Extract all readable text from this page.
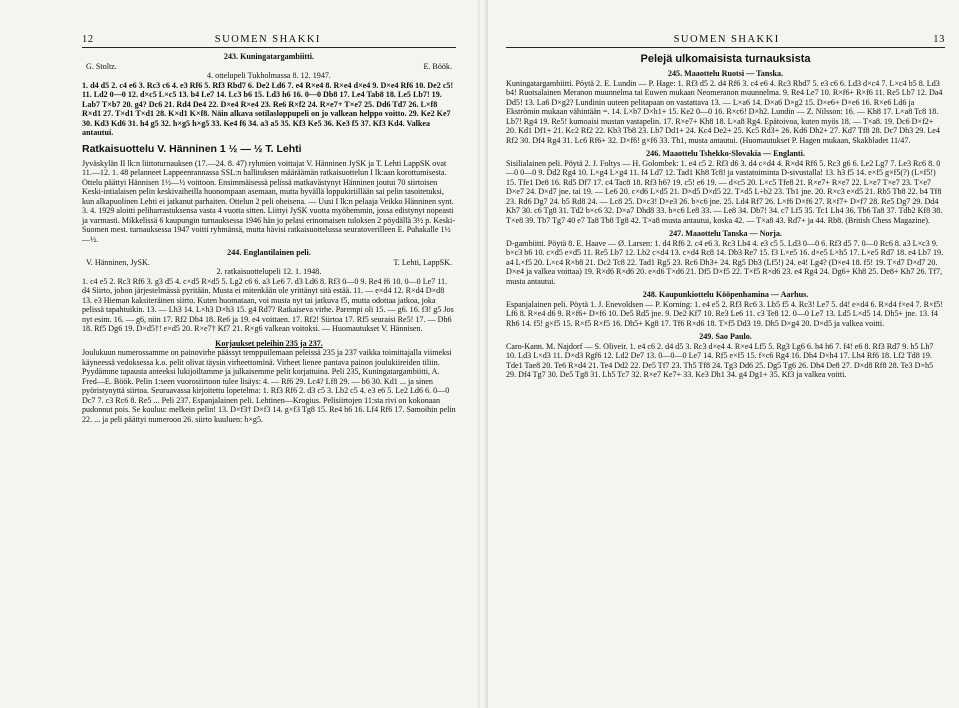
12	SUOMEN SHAKKI
243. Kuningatargambiitti.
G. Stoltz.	E. Böök.
4. ottelupeli Tukholmassa 8. 12. 1947.

1. d4 d5 2. c4 e6 3. Rc3 c6 4. e3 Rf6 5. Rf3 Rbd7 6. De2 Ld6 7. e4 R×e4 8. R×e4 d×e4 9. D×e4 Rf6 10. De2 c5! 11. Ld2 0—0 12. d×c5 L×c5 13. b4 Le7 14. Lc3 b6 15. Ld3 h6 16. 0—0 Db8 17. Le4 Tab8 18. Le5 Lb7! 19. Lab7 T×b7 20. g4? Dc6 21. Rd4 De4 22. D×e4 R×e4 23. Re6 R×f2 24. R×e7+ T×e7 25. Dd6 Td7 26. L×f8 R×d1 27. T×d1 T×d1 28. K×d1 K×f8. Näin alkava sotilasloppupeli on jo valkean helppo voitto. 29. Ke2 Ke7 30. Kd3 Kd6 31. h4 g5 32. h×g5 h×g5 33. Ke4 f6 34. a3 a5 35. Kf3 Ke5 36. Ke3 f5 37. Kf3 Kd4. Valkea antautui.

Ratkaisuottelu V. Hänninen 1 ½ — ½ T. Lehti

Jyväskylän II lk:n liittoturnauksen (17.—24. 8. 47) ryhmien voittajat V. Hänninen JySK ja T. Lehti LappSK ovat 11.—12. 1. 48 pelanneet Lappeenrannassa SSL:n hallituksen määräämän ratkaisuottelun I lk:aan korottumisesta. Ottelu päättyi Hännisen 1½—½ voittoon. Ensimmäisessä pelissä matkavästynyt Hänninen joutui 70 siirtoisen Keski-intialaisen pelin keskivaiheilla huonompaan asemaan, mutta hyvällä loppukiriillään sai pelin tasoitetuksi, kun alkapuolinen Lehti ei jatkanut parhaiten. Ottelun 2 peli oheisena. — Uusi I lk:n pelaaja Veikko Hänninen synt. 3. 4. 1929 aloitti peliharrastuksensa vasta 4 vuotta sitten. Liittyi JySK vuotta myöhemmin, jossa edistynyt nopeasti ja varmasti. Mikkelissä 6 kaupungin turnauksessa 1946 hän jo pelasi erinomaisen tuloksen 2 pöydällä 3½ p. Keski-Suomen mest. turnauksessa 1947 voitti ryhmänsä, mutta hävisi ratkaisuottelussa seuratoverilleen E. Puhakalle 1½—½.

244. Englantilainen peli.
V. Hänninen, JySK.	T. Lehti, LappSK.
2. ratkaisuottelupeli 12. 1. 1948.

1. c4 e5 2. Rc3 Rf6 3. g3 d5 4. c×d5 R×d5 5. Lg2 c6 6. a3 Le6 7. d3 Ld6 8. Rf3 0—0 9. Re4 f6 10. 0—0 Le7 11. d4 Siirto, johon järjestelmässä pyritään. Musta ei mitenkään ole yrittänyt sitä estää. 11. — e×d4 12. R×d4 D×d8 13. e3 Hieman kaksiteräinen siirto. Kuten huomataan, voi musta nyt tai jatkuva f5, mutta odottaa jatkoa, joka pelissä tapahtuikin. 13. — Lh3 14. L×h3 D×h3 15. g4 Rd7? Ratkaiseva virhe. Parempi oli 15. — g6. 16. f3! g5 Jos nyt esim. 16. — g6, niin 17. Rf2 Dh4 18. Re6 ja 19. e4 voittaen. 17. Rf2! Siirtoa 17. Rf5 seuraisi Re5! 17. — Dh6 18. Rf5 Dg6 19. D×d5†! e×d5 20. R×e7† Kf7 21. R×g6 valkean voitoksi. — Huomautukset V. Hännisen.

Korjaukset peleihin 235 ja 237.

Joulukuun numerossamme on painovirhe päässyt temppuilemaan peleissä 235 ja 237 vaikka toimittajalla viimeksi käyneessä vedoksessa k.o. pelit olivat täysin virheettominä. Virheet lienee pantava painon joulukiireiden tiliin. Pyydämme tapausta anteeksi lukijoiltamme ja julkaisemme pelit korjattuina. Peli 235, Kuningatargambiitti, A. Fred—E. Böök. Pelin 1:seen vuorosiirtoon tulee lisäys: 4. — Rf6 29. Lc4? Lf8 29. — b6 30. Kd1 ... ja sinen pyöristynyttä siirtoa. Seuraavassa kirjoitettu lopetelma: 1. Rf3 Rf6 2. d3 c5 3. Lb2 c5 4. e3 e6 5. Le2 Ld6 6. 0—0 Dc7 7. c3 Rc6 8. Re5 ... Peli 237. Espanjalainen peli. Lehtinen—Krogius. Pelisiirtojen 11:sta rivi on kokonaan pudonnut pois. Se kuuluu: melkein pelin! 13. D×f3† D×f3 14. g×f3 Tg8 15. Re4 h6 16. Lf4 Rf6 17. Samoihin pelin 22. ... ja peli päättyi numeroon 26. siirto kuuluen: h×g5.

SUOMEN SHAKKI	13
Pelejä ulkomaisista turnauksista
245. Maaottelu Ruotsi — Tanska.

Kuningatargambiitti. Pöytä 2. E. Lundin — P. Hage: 1. Rf3 d5 2. d4 Rf6 3. c4 e6 4. Rc3 Rbd7 5. e3 c6 6. Ld3 d×c4 7. L×c4 b5 8. Ld3 b4! Ruotsalainen Meranon muunnelma tai Euwen mukaan Neomeranon muunnelma. 9. Re4 Le7 10. R×f6+ R×f6 11. Re5 Lb7 12. Da4 Dd5! 13. La6 D×g2? Lundinin uuteen pelitapaan on vastattava 13. — L×a6 14. D×a6 D×g2 15. D×e6+ D×e6 16. R×e6 Ld6 ja Ekströmin mukaan vähintään =. 14. L×b7 D×h1+ 15. Ke2 0—0 16. R×c6! D×h2. Lundin — Z. Nilsson: 16. — Kh8 17. L×a8 Tc8 18. Lb7! Rg4 19. Re5! kumoaisi mustan vastapelin. 17. R×e7+ Kh8 18. L×a8 Rg4. Epätoivoa, kuten myös 18. — T×a8. 19. Dc6 D×f2+ 20. Kd1 Df1+ 21. Kc2 Rf2 22. Kb3 Tb8 23. Lb7 Dd1+ 24. Kc4 De2+ 25. Kc5 Rd3+ 26. Kd6 Dh2+ 27. Kd7 Tf8 28. Dc7 Dh3 29. Le4 Rf2 30. Df4 Rg4 31. Lc6 Rf6+ 32. D×f6! g×f6 33. Th1, musta antautui. (Huomautukset P. Hagen mukaan, Skakbladet 11/47.

246. Maaottelu Tshekko-Slovakia — Englanti.

Sisilialainen peli. Pöytä 2. J. Foltys — H. Golombek: 1. e4 c5 2. Rf3 d6 3. d4 c×d4 4. R×d4 Rf6 5. Rc3 g6 6. Le2 Lg7 7. Le3 Rc6 8. 0—0 0—0 9. Dd2 Rg4 10. L×g4 L×g4 11. f4 Ld7 12. Tad1 Kh8 Tc8! ja vastatoiminta D-sivustalla! 13. h3 f5 14. e×f5 g×f5(?) (L×f5!) 15. Tfe1 De8 16. Rd5 Df7 17. c4 Tac8 18. Rf3 h6? 19. c5! e6 19. — d×c5 20. L×c5 Tfe8 21. R×e7+ R×e7 22. L×e7 T×e7 23. T×e7 D×e7 24. D×d7 jne. tai 19. — Le6 20. c×d6 L×d5 21. D×d5 D×d5 22. T×d5 L÷b2 23. Tb1 jne. 20. R×c3 e×d5 21. Rb5 Tb8 22. b4 Tf8 23. Rd6 Dg7 24. b5 Rd8 24. — Lc8 25. D×c3! D×e3 26. b×c6 jne. 25. Ld4 Rf7 26. L×f6 D×f6 27. R×f7+ D×f7 28. Re5 Dg7 29. Dd4 Kh7 30. c6 Tg8 31. Td2 b×c6 32. D×a7 Dhd8 33. b×c6 Le8 33. — Le8 34. Db7! 34. c7 Lf5 35. Tc1 Lh4 36. Tb6 Ta8 37. Tdb2 Kf8 38. T×e8 39. Tb7 Tg7 40 e7 Ta8 Tb8 Tg8 42. T×a8 musta antautui, koska 42. — T×a8 43. Rd7+ ja 44. Rb8. (British Chess Magazine).

247. Maaottelu Tanska — Norja.

D-gambiitti. Pöytä 8. E. Haave — Ø. Larsen: 1. d4 Rf6 2. c4 e6 3. Rc3 Lb4 4. e3 c5 5. Ld3 0—0 6. Rf3 d5 7. 0—0 Rc6 8. a3 L×c3 9. b×c3 b6 10. c×d5 e×d5 11. Re5 Lb7 12. Lb2 c×d4 13. c×d4 Rc8 14. Db3 Re7 15. f3 L×e5 16. d×e5 L×h5 17. L×e5 Rd7 18. e4 Lb7 19. a4 L×f5 20. L×c4 R×b8 21. Dc2 Tc8 22. Tad1 Rg5 23. Rc6 Dh3+ 24. Rg5 Db3 (Lf5!) 24. e4! Lg4? (D×e4 18. f5! 19. T×d7 D×d7 20. D×e4 ja valkea voittaa) 19. R×d6 R×d6 20. e×d6 T×d6 21. Df5 D×f5 22. T×f5 R×d6 23. e4 Rg4 24. Dg6+ Kh8 25. De8+ Kh7 26. Tf7, musta antautui.

248. Kaupunkiottelu Kööpenhamina — Aarhus.

Espanjalainen peli. Pöytä 1. J. Enevoldsen — P. Korning: 1. e4 e5 2. Rf3 Rc6 3. Lb5 f5 4. Rc3! Le7 5. d4! e×d4 6. R×d4 f×e4 7. R×f5! Lf6 8. R×e4 d6 9. R×f6+ D×f6 10. De5 Rd5 jne. 9. De2 Kf7 10. Re3 Le6 11. c3 Te8 12. 0—0 Le7 13. Ld5 L×d5 14. Dh5+ jne. 13. f4 Rh6 14. f5! g×f5 15. R×f5 R×f5 16. Dh5+ Kg8 17. Tf6 R×d6 18. T×f5 Dd3 19. Dh5 D×g4 20. D×d5 ja valkea voitti.

249. Sao Paulo.

Caro-Kann. M. Najdorf — S. Oliveir. 1. e4 c6 2. d4 d5 3. Rc3 d×e4 4. R×e4 Lf5 5. Rg3 Lg6 6. h4 h6 7. f4! e6 8. Rf3 Rd7 9. h5 Lh7 10. Ld3 L×d3 11. D×d3 Rgf6 12. Ld2 De7 13. 0—0—0 Le7 14. Rf5 e×f5 15. f×c6 Rg4 16. Dh4 D×h4 17. Lh4 Rf6 18. Lf2 Td8 19. Tde1 Tae8 20. Te6 R×d4 21. Te4 Dd2 22. De5 Tf7 23. Th5 Tf8 24. Tg3 Dd6 25. Dg5 Tg6 26. Dh4 De8 27. D×d8 Rf8 28. Te3 D×h5 29. Df4 Tg7 30. De5 Tg8 31. Lh5 Tc7 32. R×e7 Ke7+ 33. Ke3 Dh1 34. g4 Dg1+ 35. Kf3 ja valkea voitti.
